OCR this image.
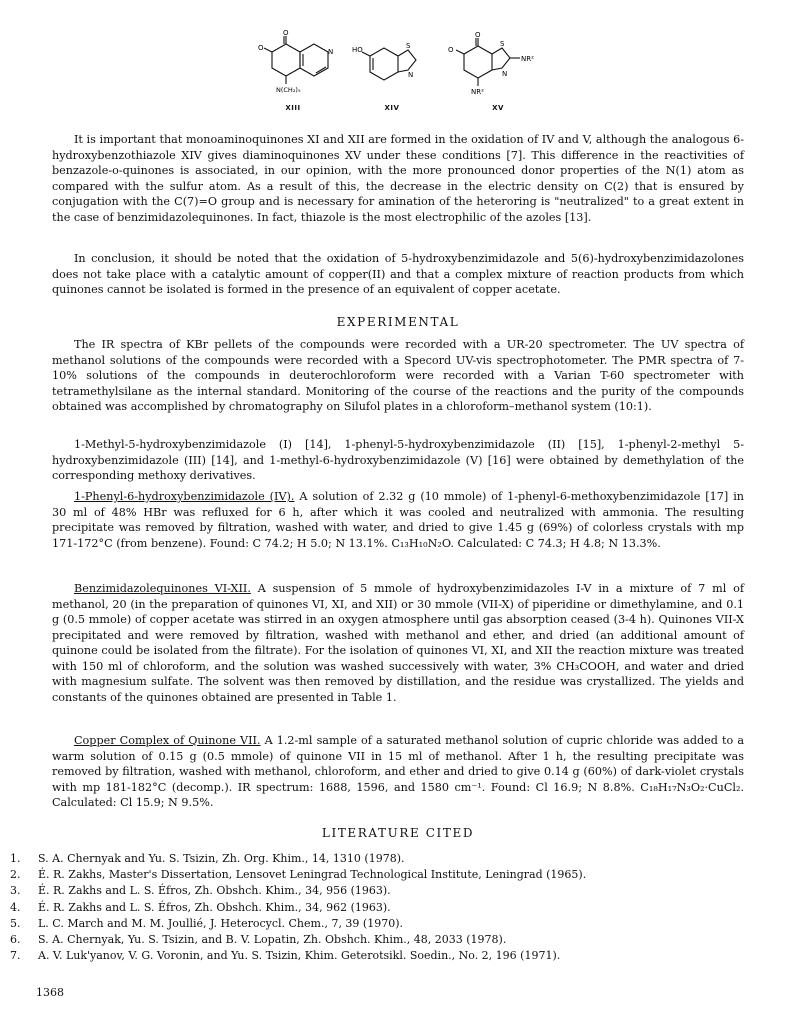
O
O	N
N(CH₂)₅
XIII
HO	S
N
XIV
O
O
S
N
NR²
NR²
XV

It is important that monoaminoquinones XI and XII are formed in the oxidation of IV and V, although the analogous 6-hydroxybenzothiazole XIV gives diaminoquinones XV under these conditions [7]. This difference in the reactivities of benzazole-o-quinones is associated, in our opinion, with the more pronounced donor properties of the N(1) atom as compared with the sulfur atom. As a result of this, the decrease in the electric density on C(2) that is ensured by conjugation with the C(7)=O group and is necessary for amination of the heteroring is "neutralized" to a great extent in the case of benzimidazolequinones. In fact, thiazole is the most electrophilic of the azoles [13].

In conclusion, it should be noted that the oxidation of 5-hydroxybenzimidazole and 5(6)-hydroxybenzimidazolones does not take place with a catalytic amount of copper(II) and that a complex mixture of reaction products from which quinones cannot be isolated is formed in the presence of an equivalent of copper acetate.

EXPERIMENTAL

The IR spectra of KBr pellets of the compounds were recorded with a UR-20 spectrometer. The UV spectra of methanol solutions of the compounds were recorded with a Specord UV-vis spectrophotometer. The PMR spectra of 7-10% solutions of the compounds in deuterochloroform were recorded with a Varian T-60 spectrometer with tetramethylsilane as the internal standard. Monitoring of the course of the reactions and the purity of the compounds obtained was accomplished by chromatography on Silufol plates in a chloroform–methanol system (10:1).

1-Methyl-5-hydroxybenzimidazole (I) [14], 1-phenyl-5-hydroxybenzimidazole (II) [15], 1-phenyl-2-methyl 5-hydroxybenzimidazole (III) [14], and 1-methyl-6-hydroxybenzimidazole (V) [16] were obtained by demethylation of the corresponding methoxy derivatives.

1-Phenyl-6-hydroxybenzimidazole (IV). A solution of 2.32 g (10 mmole) of 1-phenyl-6-methoxybenzimidazole [17] in 30 ml of 48% HBr was refluxed for 6 h, after which it was cooled and neutralized with ammonia. The resulting precipitate was removed by filtration, washed with water, and dried to give 1.45 g (69%) of colorless crystals with mp 171-172°C (from benzene). Found: C 74.2; H 5.0; N 13.1%. C₁₃H₁₀N₂O. Calculated: C 74.3; H 4.8; N 13.3%.

Benzimidazolequinones VI-XII. A suspension of 5 mmole of hydroxybenzimidazoles I-V in a mixture of 7 ml of methanol, 20 (in the preparation of quinones VI, XI, and XII) or 30 mmole (VII-X) of piperidine or dimethylamine, and 0.1 g (0.5 mmole) of copper acetate was stirred in an oxygen atmosphere until gas absorption ceased (3-4 h). Quinones VII-X precipitated and were removed by filtration, washed with methanol and ether, and dried (an additional amount of quinone could be isolated from the filtrate). For the isolation of quinones VI, XI, and XII the reaction mixture was treated with 150 ml of chloroform, and the solution was washed successively with water, 3% CH₃COOH, and water and dried with magnesium sulfate. The solvent was then removed by distillation, and the residue was crystallized. The yields and constants of the quinones obtained are presented in Table 1.

Copper Complex of Quinone VII. A 1.2-ml sample of a saturated methanol solution of cupric chloride was added to a warm solution of 0.15 g (0.5 mmole) of quinone VII in 15 ml of methanol. After 1 h, the resulting precipitate was removed by filtration, washed with methanol, chloroform, and ether and dried to give 0.14 g (60%) of dark-violet crystals with mp 181-182°C (decomp.). IR spectrum: 1688, 1596, and 1580 cm⁻¹. Found: Cl 16.9; N 8.8%. C₁₈H₁₇N₃O₂·CuCl₂. Calculated: Cl 15.9; N 9.5%.

LITERATURE CITED
1.	S. A. Chernyak and Yu. S. Tsizin, Zh. Org. Khim., 14, 1310 (1978).
2.	É. R. Zakhs, Master's Dissertation, Lensovet Leningrad Technological Institute, Leningrad (1965).
3.	É. R. Zakhs and L. S. Éfros, Zh. Obshch. Khim., 34, 956 (1963).
4.	É. R. Zakhs and L. S. Éfros, Zh. Obshch. Khim., 34, 962 (1963).
5.	L. C. March and M. M. Joullié, J. Heterocycl. Chem., 7, 39 (1970).
6.	S. A. Chernyak, Yu. S. Tsizin, and B. V. Lopatin, Zh. Obshch. Khim., 48, 2033 (1978).
7.	A. V. Luk'yanov, V. G. Voronin, and Yu. S. Tsizin, Khim. Geterotsikl. Soedin., No. 2, 196 (1971).
1368
